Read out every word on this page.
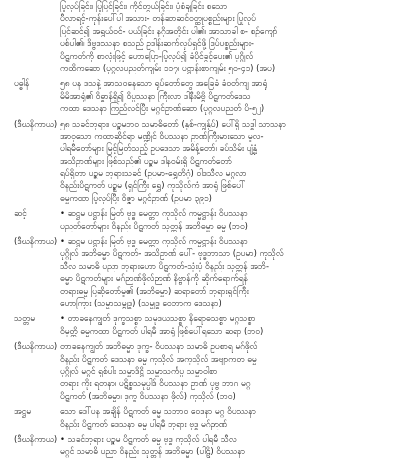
ပြုလုပ်ခြင်း၊ ပြုပြင်ခြင်း၊ ကိုင်တွယ်ခြင်း၊ ပုံစံချခြင်း စသော
ပီလာရင့်-ကုန်းပေါ်ပါ အသား- တန်ဆာဆင်ဝတ္ထုပစ္စည်းများ ပြုလုပ်
ပြင်ဆင်၍ အရွယ်ဝင်- ပယ်ခြင်း နဂိုအတိုင်း ပါ၏၊ အာသာခါ စ- စဉ်ကျော်
ပစ်ပါ၏၊ ဒိဗ္ဗဒဿနာ စသည် ဥဒါန်းဆက်လှပ်ရှင်ဖို့ ဒြပ်ပစ္စည်းများ-
ပိဋကတ်ကို စာလုံးဖြင့် ဟောပြော-ပြုလုပ်၍ ခံပိုင်ခွင့်ပေး၏ ပုဂ္ဂိုလ်
ကထိကဆော (ပုဂ္ဂလပညတ်ကျမ်း ၁၁၇၊ ပဋ္ဌာန်းစာကျမ်း ၅၀-၄၁) (အပ)
ပဓ္ဓါန်	၅၈ ပန ဒသနဲ့ အာသဝနေသော ရုပ်တော်တွေ အခြေခံ ခံဝတ်ကျ အာရုံ
မိမိအာရုံ၏ ဝိဓ္ဓာန်ရှိ၍ ဝိပ္ပဿနာ ကြီးလာ ဒါနီးမိဗ္ဗိ ပိဋကတ်ဒေသ
ကထာ ဒေသနာ ကြည်လင်ပြီး မဂ္ဂင်ဥာဏ်ဆော (ပုဂ္ဂလပညတ် ပိ-၅၂)
(ဒီဃနိကာယ) ၅၈ သခင်ဘုရား၊ ပဉ္စမဘဝ သမာဓိတော် (နှစ်-ကျွန်ုပ်) ပေါ်ရှိ သဒ္ဓါ သာသနာ
အာဝုသော ကထာဆိုင်ရာ မဏ္ဍိုင် ဝိပဿနာ ဥာဏ်ကြီးမားသော မူလ-
ပါရမီတော်များ မြင့်မြတ်သည့် ဥပဒေသာ အမိန့်တော်၊ ခပ်သိမ်း ပျံ့နှံ့
အသိဥာဏ်များ ဖြစ်သည်၏ ပဉ္စမ ဒါနဝမ်းရှိ ပိဋကတ်တော်
ရပ်ရှိတာ ပဉ္စမ ဘုရားသခင် (ဥပမာ-ရွှေတိဂုံ) ဝါဒသီလ မဂ္ဂလာ
ဝိနည်းပိဋကတ် ပဉ္စမ (ရှင်ကြီး ရွှေ) ကုသိုလ်ကံ အာရုံ ဖြစ်ပေါ်
ဓမ္မကထာ ပြုလုပ်ပြီး ဝိဇ္ဇာ မဂ္ဂင်ဥာဏ် (ဥပမာ ၃၉၁)
ဆင့်	• ဆဋ္ဌမ ပဋ္ဌာန်း မြတ် ဗုဒ္ဓ မေတ္တာ ကုသိုလ် ကမ္မဋ္ဌာန်း ဝိပဿနာ
ပညတ်တော်များ ဝိနည်း ပိဋကတ် သုတ္တန် အဘိဓမ္မာ ဓမ္မ (ဘဝ)
(ဒီဃနိကာယ) • ဆဋ္ဌမ ပဋ္ဌာန်း မြတ် ဗုဒ္ဓ မေတ္တာ ကုသိုလ် ကမ္မဋ္ဌာန်း ဝိပဿနာ
ပုဂ္ဂိုလ် အဘိဓမ္မာ ပိဋကတ်- အသိဥာဏ် ပေါ်- ဗုဒ္ဓဘာသာ (ဥပမာ) ကုသိုလ်
သီလ သမာဓိ ပညာ ဘုရားဟော ပိဋကတ်-သုံးပုံ ဝိနည်း သုတ္တန် အဘိ-
ဓမ္မာ ပိဋကတ်များ မဂ်ဉာဏ်ဖိုလ်ဉာဏ် နိဗ္ဗာန်ကို ဆိုက်ရောက်ရန်
တရားဓမ္မ ပြဆိုတော်မူ၏ (အဘိဓမ္မာ) ဆရာတော် ဘုရားရှင်ကြီး
ဟောကြား (သမ္မာသမ္ဗုဒ္ဓ) (သမ္မုဒ္ဓ ဝေဘာက ဒေသနာ)
သတ္တမ	• တာခနေကျွတ် ဒုက္ခသစ္စာ သမုဒယသစ္စာ နိရောဓသစ္စာ မဂ္ဂသစ္စာ
ဝိမုတ္တိ ဓမ္မကထာ ပိဋကတ် ပါရမီ အာရုံ ဖြစ်ပေါ်ရသော ဆရာ (ဘဝ)
(ဒီဃနိကာယ) တာခနေကျွတ် အဘိဓမ္မာ ဒုက္ခ- ဝိပဿနာ သမာဓိ ဥပစာရ မဂ်ဖိုလ်
ဝိနည်း ပိဋကတ် ဒေသနာ ဓမ္မ ကုသိုလ် အကုသိုလ် အဗျာကတ ဓမ္မ
ပုဂ္ဂိုလ် မဂ္ဂင် ရှစ်ပါး သမ္မာဒိဋ္ဌိ သမ္မာသင်္ကပ္ပ သမ္မာဝါစာ
တရား ကိုး ရတနာ၊ ပဋိစ္စသမုပ္ပါဒ် ဝိပဿနာ ဥာဏ် ပုဗ္ဗ ဘာဂ မဂ္ဂ
ပိဋကတ် (အဘိဓမ္မာ၊ ဒုက္ခ ဝိပဿနာ ဖိုလ်) ကုသိုလ် (ဘဝ)
အဋ္ဌမ	သော ဒေါ်ပန အချိန် ပိဋကတ် ဓမ္မ သဘာဝ ဝေဒနာ မဂ္ဂ ဝိပဿနာ
ဝိနည်း ပိဋကတ် ဒေသနာ ဓမ္မ ပါရမီ ဘုရား ဗုဒ္ဓ မဂ်ဉာဏ်
(ဒီဃနိကာယ) • သခင်ဘုရား ပဉ္စမ ပိဋကတ် ဓမ္မ ဗုဒ္ဓ ကုသိုလ် ပါရမီ သီလ
မဂ္ဂင် သမာဓိ ပညာ ဝိနည်း သုတ္တန် အဘိဓမ္မာ (ပါဠိ) ဝိပဿနာ
